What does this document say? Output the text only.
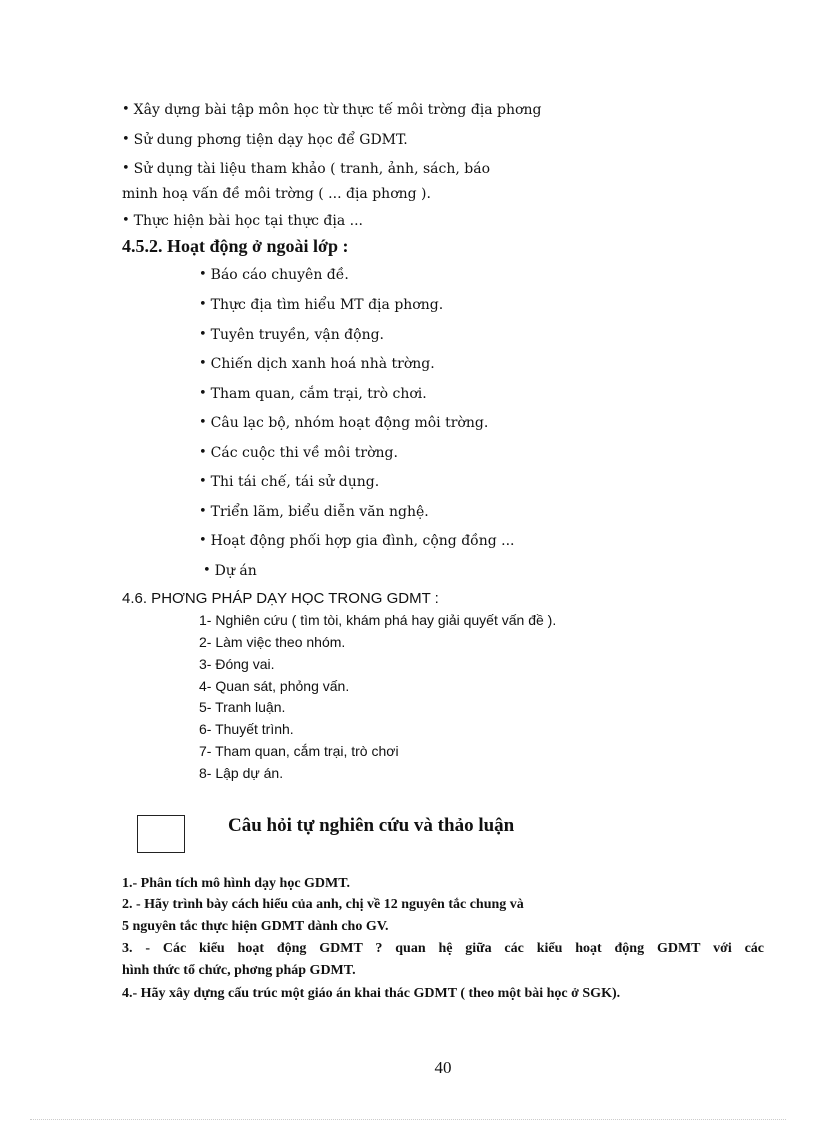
• Xây dựng bài tập môn học từ thực tế môi trờng địa phơng
• Sử dung phơng tiện dạy học để GDMT.
• Sử dụng tài liệu tham khảo ( tranh, ảnh, sách, báo
minh hoạ vấn đề môi trờng ( ... địa phơng ).
• Thực hiện bài học tại thực địa ...
4.5.2. Hoạt động ở ngoài lớp :
• Báo cáo chuyên đề.
• Thực địa tìm hiểu MT địa phơng.
• Tuyên truyền, vận động.
• Chiến dịch xanh hoá nhà trờng.
• Tham quan, cắm trại, trò chơi.
• Câu lạc bộ, nhóm hoạt động môi trờng.
• Các cuộc thi về môi trờng.
• Thi tái chế, tái sử dụng.
• Triển lãm, biểu diễn văn nghệ.
• Hoạt động phối hợp gia đình, cộng đồng ...
• Dự án
4.6. PHƠNG PHÁP DẠY HỌC TRONG GDMT :
1- Nghiên cứu ( tìm tòi, khám phá hay giải quyết vấn đề ).
2- Làm việc theo nhóm.
3- Đóng vai.
4- Quan sát, phỏng vấn.
5- Tranh luận.
6- Thuyết trình.
7- Tham quan, cắm trại, trò chơi
8- Lập dự án.
Câu hỏi tự nghiên cứu và thảo luận
1.- Phân tích mô hình dạy học GDMT.
2. - Hãy trình bày cách hiểu của anh, chị về 12 nguyên tắc chung và
5 nguyên tắc thực hiện GDMT dành cho GV.
3. - Các kiểu hoạt động GDMT ? quan hệ giữa các kiểu hoạt động GDMT với các
hình thức tổ chức, phơng pháp GDMT.
4.- Hãy xây dựng cấu trúc một giáo án khai thác GDMT ( theo một bài học ở SGK).
40
